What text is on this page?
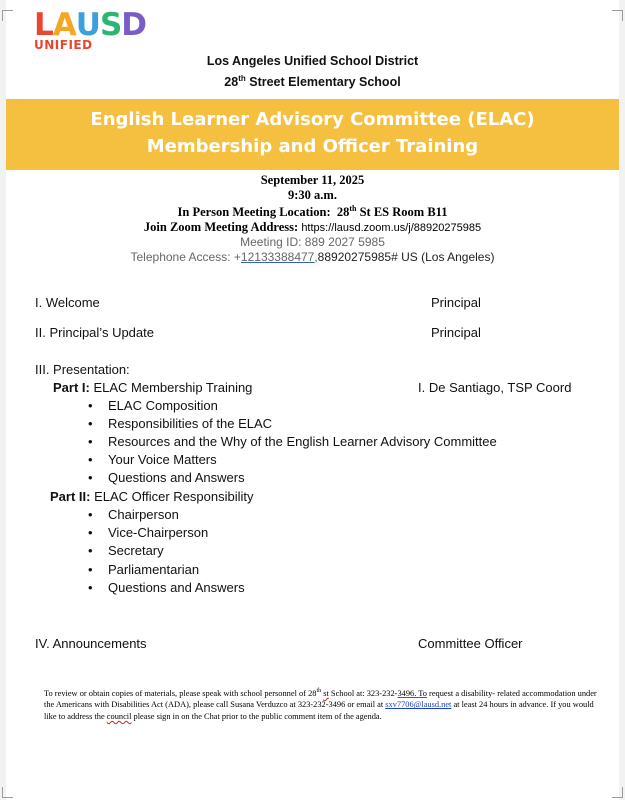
LAUSD
UNIFIED
Los Angeles Unified School District
28th Street Elementary School
English Learner Advisory Committee (ELAC)
Membership and Officer Training
September 11, 2025
9:30 a.m.
In Person Meeting Location: 28th St ES Room B11
Join Zoom Meeting Address: https://lausd.zoom.us/j/88920275985
Meeting ID: 889 2027 5985
Telephone Access: +12133388477,88920275985# US (Los Angeles)
I. Welcome	Principal
II. Principal’s Update	Principal
III. Presentation:
Part I: ELAC Membership Training	I. De Santiago, TSP Coord
• ELAC Composition
• Responsibilities of the ELAC
• Resources and the Why of the English Learner Advisory Committee
• Your Voice Matters
• Questions and Answers
Part II: ELAC Officer Responsibility
• Chairperson
• Vice-Chairperson
• Secretary
• Parliamentarian
• Questions and Answers
IV. Announcements	Committee Officer
To review or obtain copies of materials, please speak with school personnel of 28th st School at: 323-232-3496. To request a disability- related accommodation under the Americans with Disabilities Act (ADA), please call Susana Verduzco at 323-232-3496 or email at sxv7706@lausd.net at least 24 hours in advance. If you would like to address the council please sign in on the Chat prior to the public comment item of the agenda.
